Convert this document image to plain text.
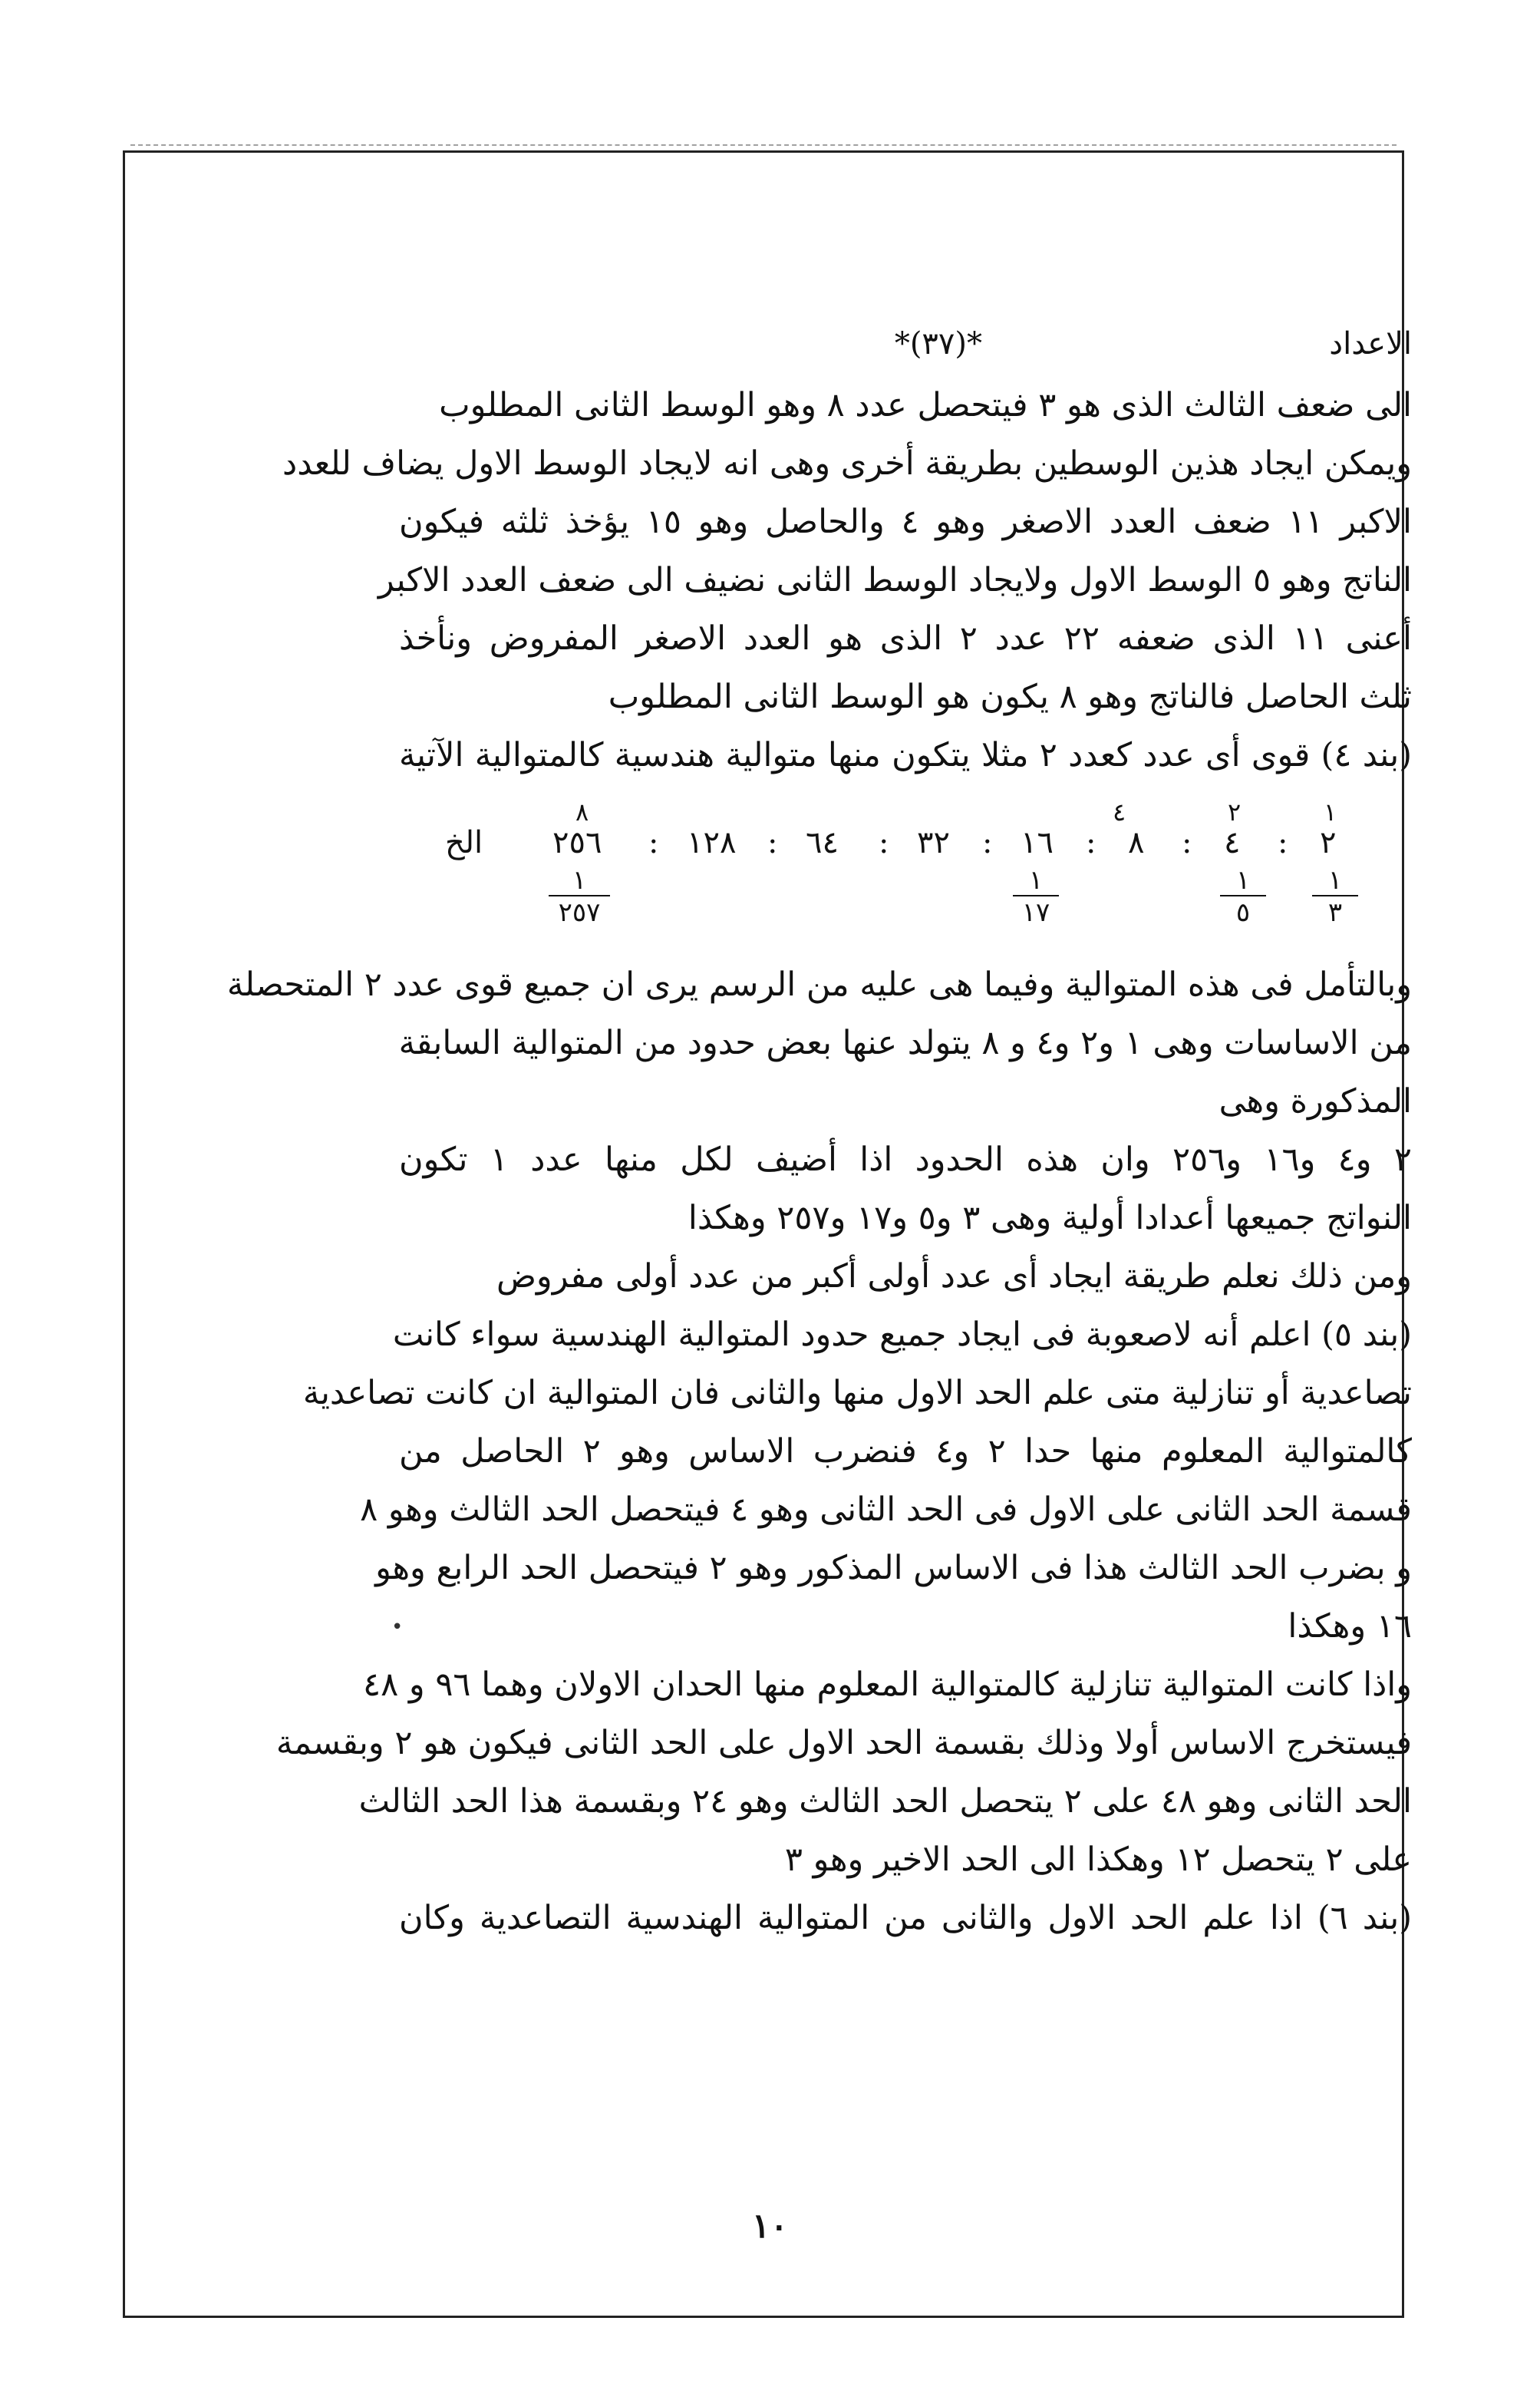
الاعداد
*(٣٧)*
الى ضعف الثالث الذى هو ٣ فيتحصل عدد ٨ وهو الوسط الثانى المطلوب
ويمكن ايجاد هذين الوسطين بطريقة أخرى وهى انه لايجاد الوسط الاول يضاف للعدد
الاكبر ١١ ضعف العدد الاصغر وهو ٤ والحاصل وهو ١٥ يؤخذ ثلثه فيكون
الناتج وهو ٥ الوسط الاول ولايجاد الوسط الثانى نضيف الى ضعف العدد الاكبر
أعنى ١١ الذى ضعفه ٢٢ عدد ٢ الذى هو العدد الاصغر المفروض ونأخذ
ثلث الحاصل فالناتج وهو ٨ يكون هو الوسط الثانى المطلوب
(بند ٤) قوى أى عدد كعدد ٢ مثلا يتكون منها متوالية هندسية كالمتوالية الآتية
١
٢
٤
٨
٢
:
٤
:
٨
:
١٦
:
٣٢
:
٦٤
:
١٢٨
:
٢٥٦
الخ
١
٣
١
٥
١
١٧
١
٢٥٧
وبالتأمل فى هذه المتوالية وفيما هى عليه من الرسم يرى ان جميع قوى عدد ٢ المتحصلة
من الاساسات وهى ١ و٢ و٤ و ٨ يتولد عنها بعض حدود من المتوالية السابقة
المذكورة وهى
٢ و٤ و١٦ و٢٥٦ وان هذه الحدود اذا أضيف لكل منها عدد ١ تكون
النواتج جميعها أعدادا أولية وهى ٣ و٥ و١٧ و٢٥٧ وهكذا
ومن ذلك نعلم طريقة ايجاد أى عدد أولى أكبر من عدد أولى مفروض
(بند ٥) اعلم أنه لاصعوبة فى ايجاد جميع حدود المتوالية الهندسية سواء كانت
تصاعدية أو تنازلية متى علم الحد الاول منها والثانى فان المتوالية ان كانت تصاعدية
كالمتوالية المعلوم منها حدا ٢ و٤ فنضرب الاساس وهو ٢ الحاصل من
قسمة الحد الثانى على الاول فى الحد الثانى وهو ٤ فيتحصل الحد الثالث وهو ٨
و بضرب الحد الثالث هذا فى الاساس المذكور وهو ٢ فيتحصل الحد الرابع وهو
١٦ وهكذا
واذا كانت المتوالية تنازلية كالمتوالية المعلوم منها الحدان الاولان وهما ٩٦ و ٤٨
فيستخرج الاساس أولا وذلك بقسمة الحد الاول على الحد الثانى فيكون هو ٢ وبقسمة
الحد الثانى وهو ٤٨ على ٢ يتحصل الحد الثالث وهو ٢٤ وبقسمة هذا الحد الثالث
على ٢ يتحصل ١٢ وهكذا الى الحد الاخير وهو ٣
(بند ٦) اذا علم الحد الاول والثانى من المتوالية الهندسية التصاعدية وكان
•
١٠
